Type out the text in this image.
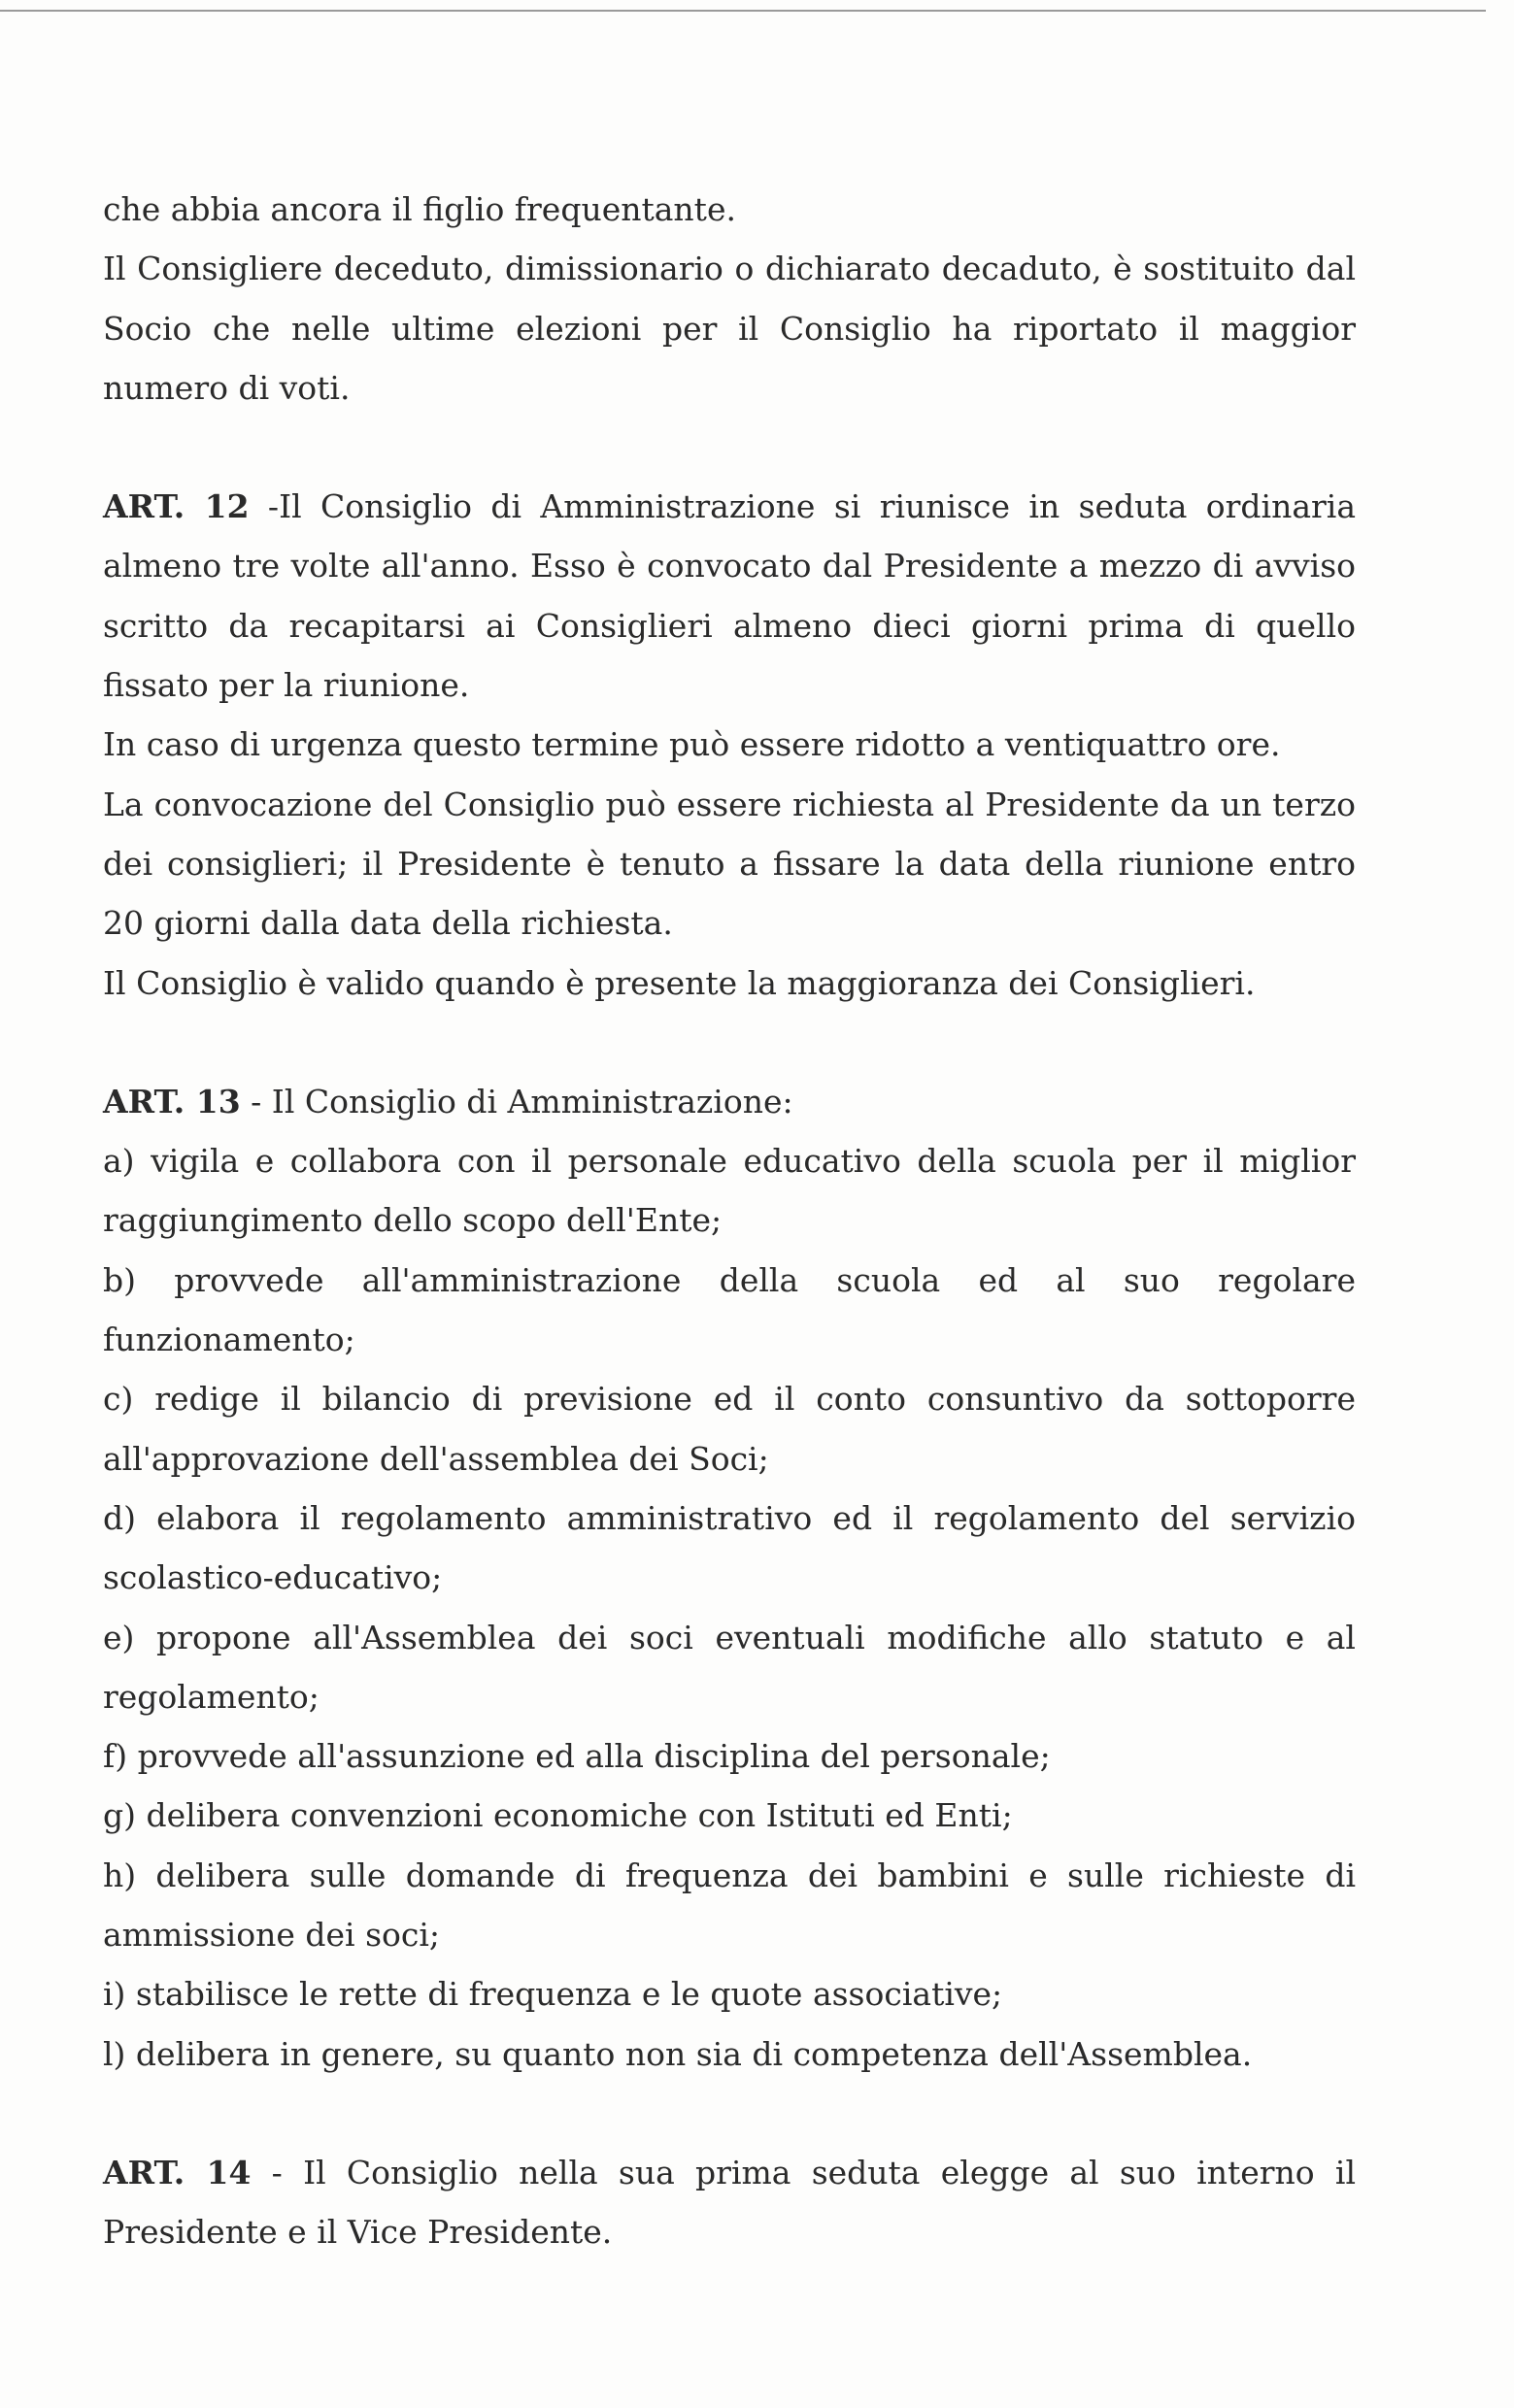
che abbia ancora il figlio frequentante.

Il Consigliere deceduto, dimissionario o dichiarato decaduto, è sostituito dal Socio che nelle ultime elezioni per il Consiglio ha riportato il maggior numero di voti.

ART. 12 -Il Consiglio di Amministrazione si riunisce in seduta ordinaria almeno tre volte all'anno. Esso è convocato dal Presidente a mezzo di avviso scritto da recapitarsi ai Consiglieri almeno dieci giorni prima di quello fissato per la riunione.

In caso di urgenza questo termine può essere ridotto a ventiquattro ore.

La convocazione del Consiglio può essere richiesta al Presidente da un terzo dei consiglieri; il Presidente è tenuto a fissare la data della riunione entro 20 giorni dalla data della richiesta.

Il Consiglio è valido quando è presente la maggioranza dei Consiglieri.

ART. 13 - Il Consiglio di Amministrazione:

a) vigila e collabora con il personale educativo della scuola per il miglior raggiungimento dello scopo dell'Ente;

b) provvede all'amministrazione della scuola ed al suo regolare funzionamento;

c) redige il bilancio di previsione ed il conto consuntivo da sottoporre all'approvazione dell'assemblea dei Soci;

d) elabora il regolamento amministrativo ed il regolamento del servizio scolastico-educativo;

e) propone all'Assemblea dei soci eventuali modifiche allo statuto e al regolamento;

f) provvede all'assunzione ed alla disciplina del personale;

g) delibera convenzioni economiche con Istituti ed Enti;

h) delibera sulle domande di frequenza dei bambini e sulle richieste di ammissione dei soci;

i) stabilisce le rette di frequenza e le quote associative;

l) delibera in genere, su quanto non sia di competenza dell'Assemblea.

ART. 14 - Il Consiglio nella sua prima seduta elegge al suo interno il Presidente e il Vice Presidente.
